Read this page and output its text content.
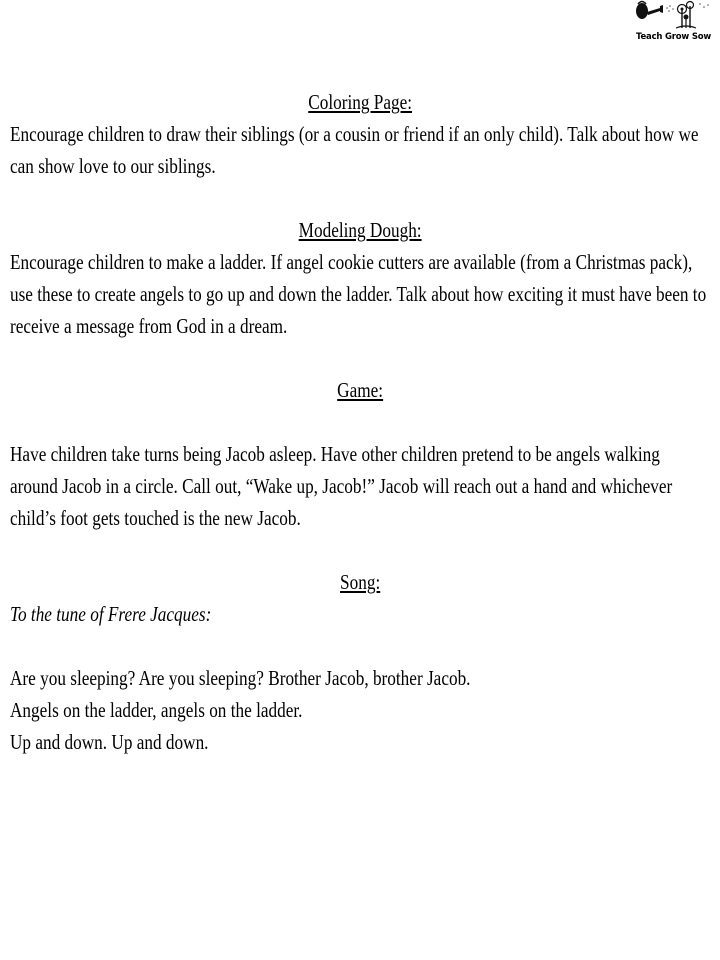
Teach Grow Sow
Coloring Page:
Encourage children to draw their siblings (or a cousin or friend if an only child). Talk about how we can show love to our siblings.
Modeling Dough:
Encourage children to make a ladder. If angel cookie cutters are available (from a Christmas pack), use these to create angels to go up and down the ladder. Talk about how exciting it must have been to receive a message from God in a dream.
Game:
Have children take turns being Jacob asleep. Have other children pretend to be angels walking around Jacob in a circle. Call out, “Wake up, Jacob!” Jacob will reach out a hand and whichever child’s foot gets touched is the new Jacob.
Song:
To the tune of Frere Jacques:
Are you sleeping? Are you sleeping? Brother Jacob, brother Jacob.
Angels on the ladder, angels on the ladder.
Up and down. Up and down.
